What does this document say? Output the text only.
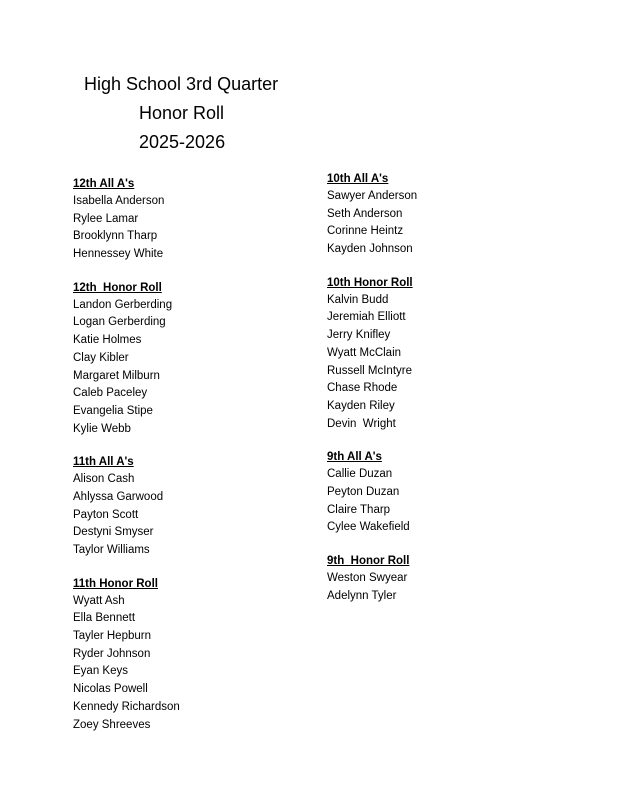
High School 3rd Quarter
Honor Roll
2025-2026
12th All A's
Isabella Anderson
Rylee Lamar
Brooklynn Tharp
Hennessey White
12th  Honor Roll
Landon Gerberding
Logan Gerberding
Katie Holmes
Clay Kibler
Margaret Milburn
Caleb Paceley
Evangelia Stipe
Kylie Webb
11th All A's
Alison Cash
Ahlyssa Garwood
Payton Scott
Destyni Smyser
Taylor Williams
11th Honor Roll
Wyatt Ash
Ella Bennett
Tayler Hepburn
Ryder Johnson
Eyan Keys
Nicolas Powell
Kennedy Richardson
Zoey Shreeves
10th All A's
Sawyer Anderson
Seth Anderson
Corinne Heintz
Kayden Johnson
10th Honor Roll
Kalvin Budd
Jeremiah Elliott
Jerry Knifley
Wyatt McClain
Russell McIntyre
Chase Rhode
Kayden Riley
Devin  Wright
9th All A's
Callie Duzan
Peyton Duzan
Claire Tharp
Cylee Wakefield
9th  Honor Roll
Weston Swyear
Adelynn Tyler
